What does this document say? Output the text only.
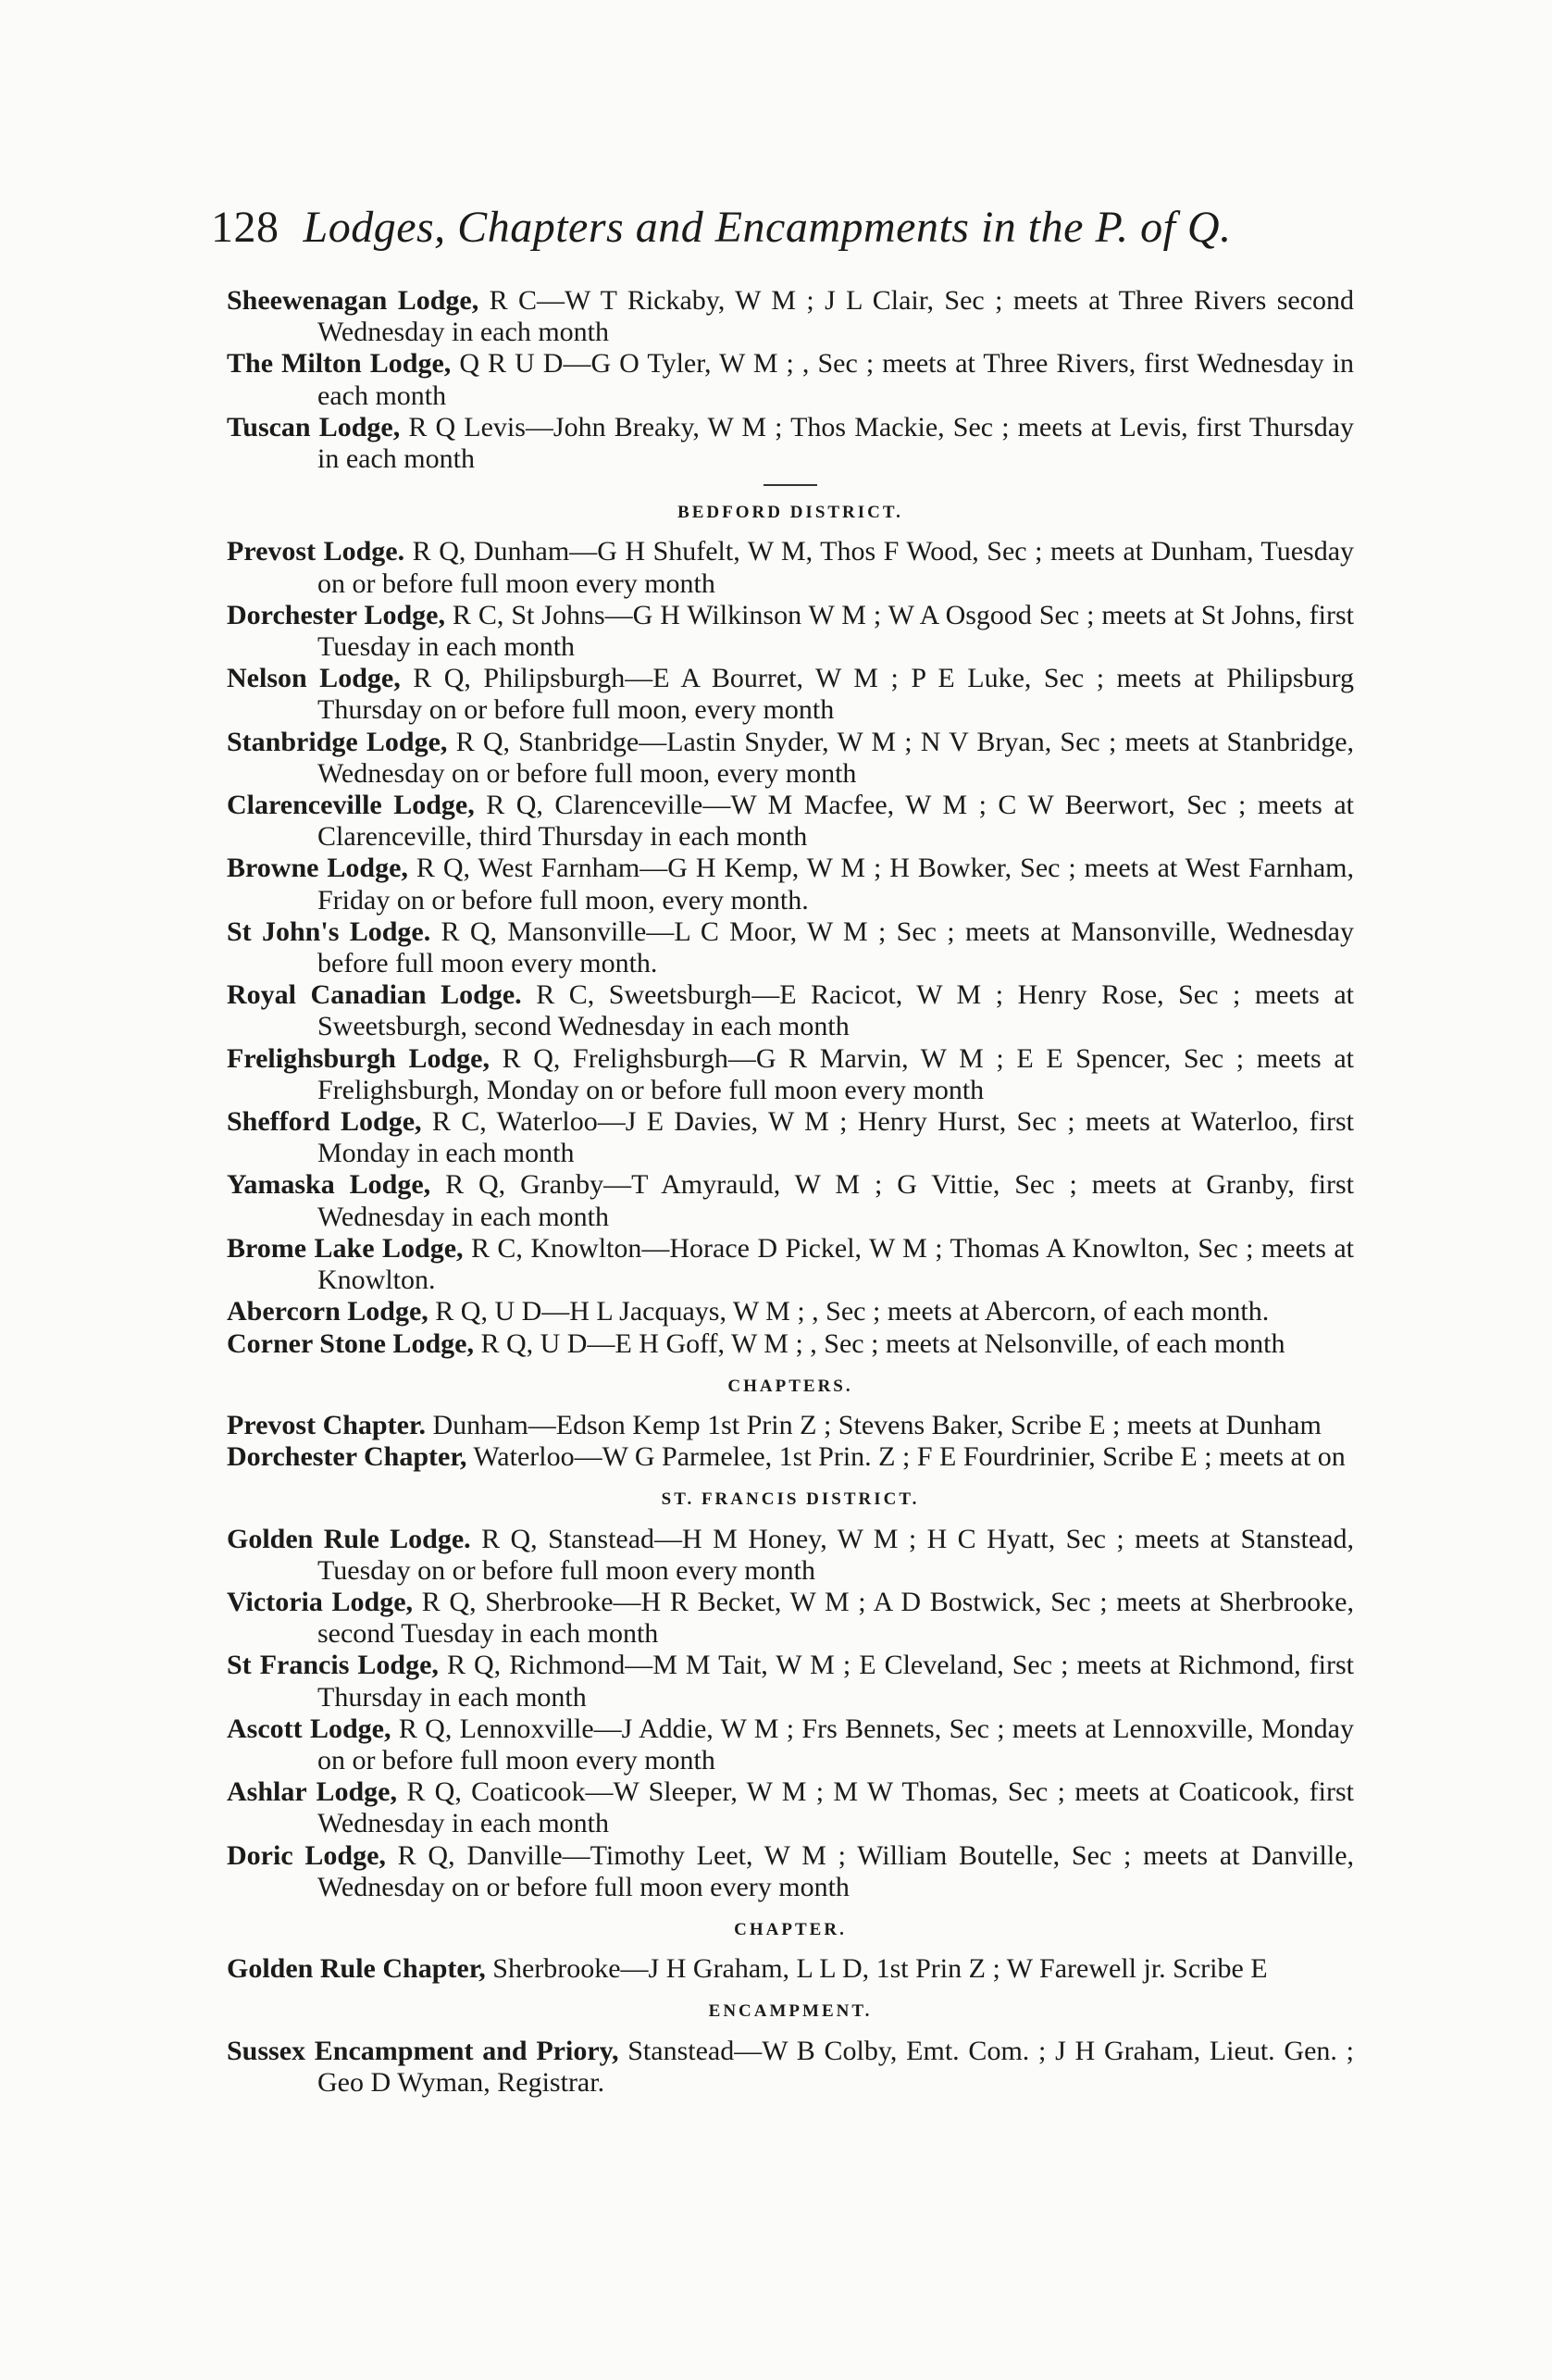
128 Lodges, Chapters and Encampments in the P. of Q.
Sheewenagan Lodge, R C—W T Rickaby, W M ; J L Clair, Sec ; meets at Three Rivers second Wednesday in each month
The Milton Lodge, Q R U D—G O Tyler, W M ; , Sec ; meets at Three Rivers, first Wednesday in each month
Tuscan Lodge, R Q Levis—John Breaky, W M ; Thos Mackie, Sec ; meets at Levis, first Thursday in each month
BEDFORD DISTRICT.
Prevost Lodge. R Q, Dunham—G H Shufelt, W M, Thos F Wood, Sec ; meets at Dunham, Tuesday on or before full moon every month
Dorchester Lodge, R C, St Johns—G H Wilkinson W M ; W A Osgood Sec ; meets at St Johns, first Tuesday in each month
Nelson Lodge, R Q, Philipsburgh—E A Bourret, W M ; P E Luke, Sec ; meets at Philipsburg Thursday on or before full moon, every month
Stanbridge Lodge, R Q, Stanbridge—Lastin Snyder, W M ; N V Bryan, Sec ; meets at Stanbridge, Wednesday on or before full moon, every month
Clarenceville Lodge, R Q, Clarenceville—W M Macfee, W M ; C W Beerwort, Sec ; meets at Clarenceville, third Thursday in each month
Browne Lodge, R Q, West Farnham—G H Kemp, W M ; H Bowker, Sec ; meets at West Farnham, Friday on or before full moon, every month.
St John's Lodge. R Q, Mansonville—L C Moor, W M ; Sec ; meets at Mansonville, Wednesday before full moon every month.
Royal Canadian Lodge. R C, Sweetsburgh—E Racicot, W M ; Henry Rose, Sec ; meets at Sweetsburgh, second Wednesday in each month
Frelighsburgh Lodge, R Q, Frelighsburgh—G R Marvin, W M ; E E Spencer, Sec ; meets at Frelighsburgh, Monday on or before full moon every month
Shefford Lodge, R C, Waterloo—J E Davies, W M ; Henry Hurst, Sec ; meets at Waterloo, first Monday in each month
Yamaska Lodge, R Q, Granby—T Amyrauld, W M ; G Vittie, Sec ; meets at Granby, first Wednesday in each month
Brome Lake Lodge, R C, Knowlton—Horace D Pickel, W M ; Thomas A Knowlton, Sec ; meets at Knowlton.
Abercorn Lodge, R Q, U D—H L Jacquays, W M ; , Sec ; meets at Abercorn, of each month.
Corner Stone Lodge, R Q, U D—E H Goff, W M ; , Sec ; meets at Nelsonville, of each month
CHAPTERS.
Prevost Chapter. Dunham—Edson Kemp 1st Prin Z ; Stevens Baker, Scribe E ; meets at Dunham
Dorchester Chapter, Waterloo—W G Parmelee, 1st Prin. Z ; F E Fourdrinier, Scribe E ; meets at on
ST. FRANCIS DISTRICT.
Golden Rule Lodge. R Q, Stanstead—H M Honey, W M ; H C Hyatt, Sec ; meets at Stanstead, Tuesday on or before full moon every month
Victoria Lodge, R Q, Sherbrooke—H R Becket, W M ; A D Bostwick, Sec ; meets at Sherbrooke, second Tuesday in each month
St Francis Lodge, R Q, Richmond—M M Tait, W M ; E Cleveland, Sec ; meets at Richmond, first Thursday in each month
Ascott Lodge, R Q, Lennoxville—J Addie, W M ; Frs Bennets, Sec ; meets at Lennoxville, Monday on or before full moon every month
Ashlar Lodge, R Q, Coaticook—W Sleeper, W M ; M W Thomas, Sec ; meets at Coaticook, first Wednesday in each month
Doric Lodge, R Q, Danville—Timothy Leet, W M ; William Boutelle, Sec ; meets at Danville, Wednesday on or before full moon every month
CHAPTER.
Golden Rule Chapter, Sherbrooke—J H Graham, L L D, 1st Prin Z ; W Farewell jr. Scribe E
ENCAMPMENT.
Sussex Encampment and Priory, Stanstead—W B Colby, Emt. Com. ; J H Graham, Lieut. Gen. ; Geo D Wyman, Registrar.
